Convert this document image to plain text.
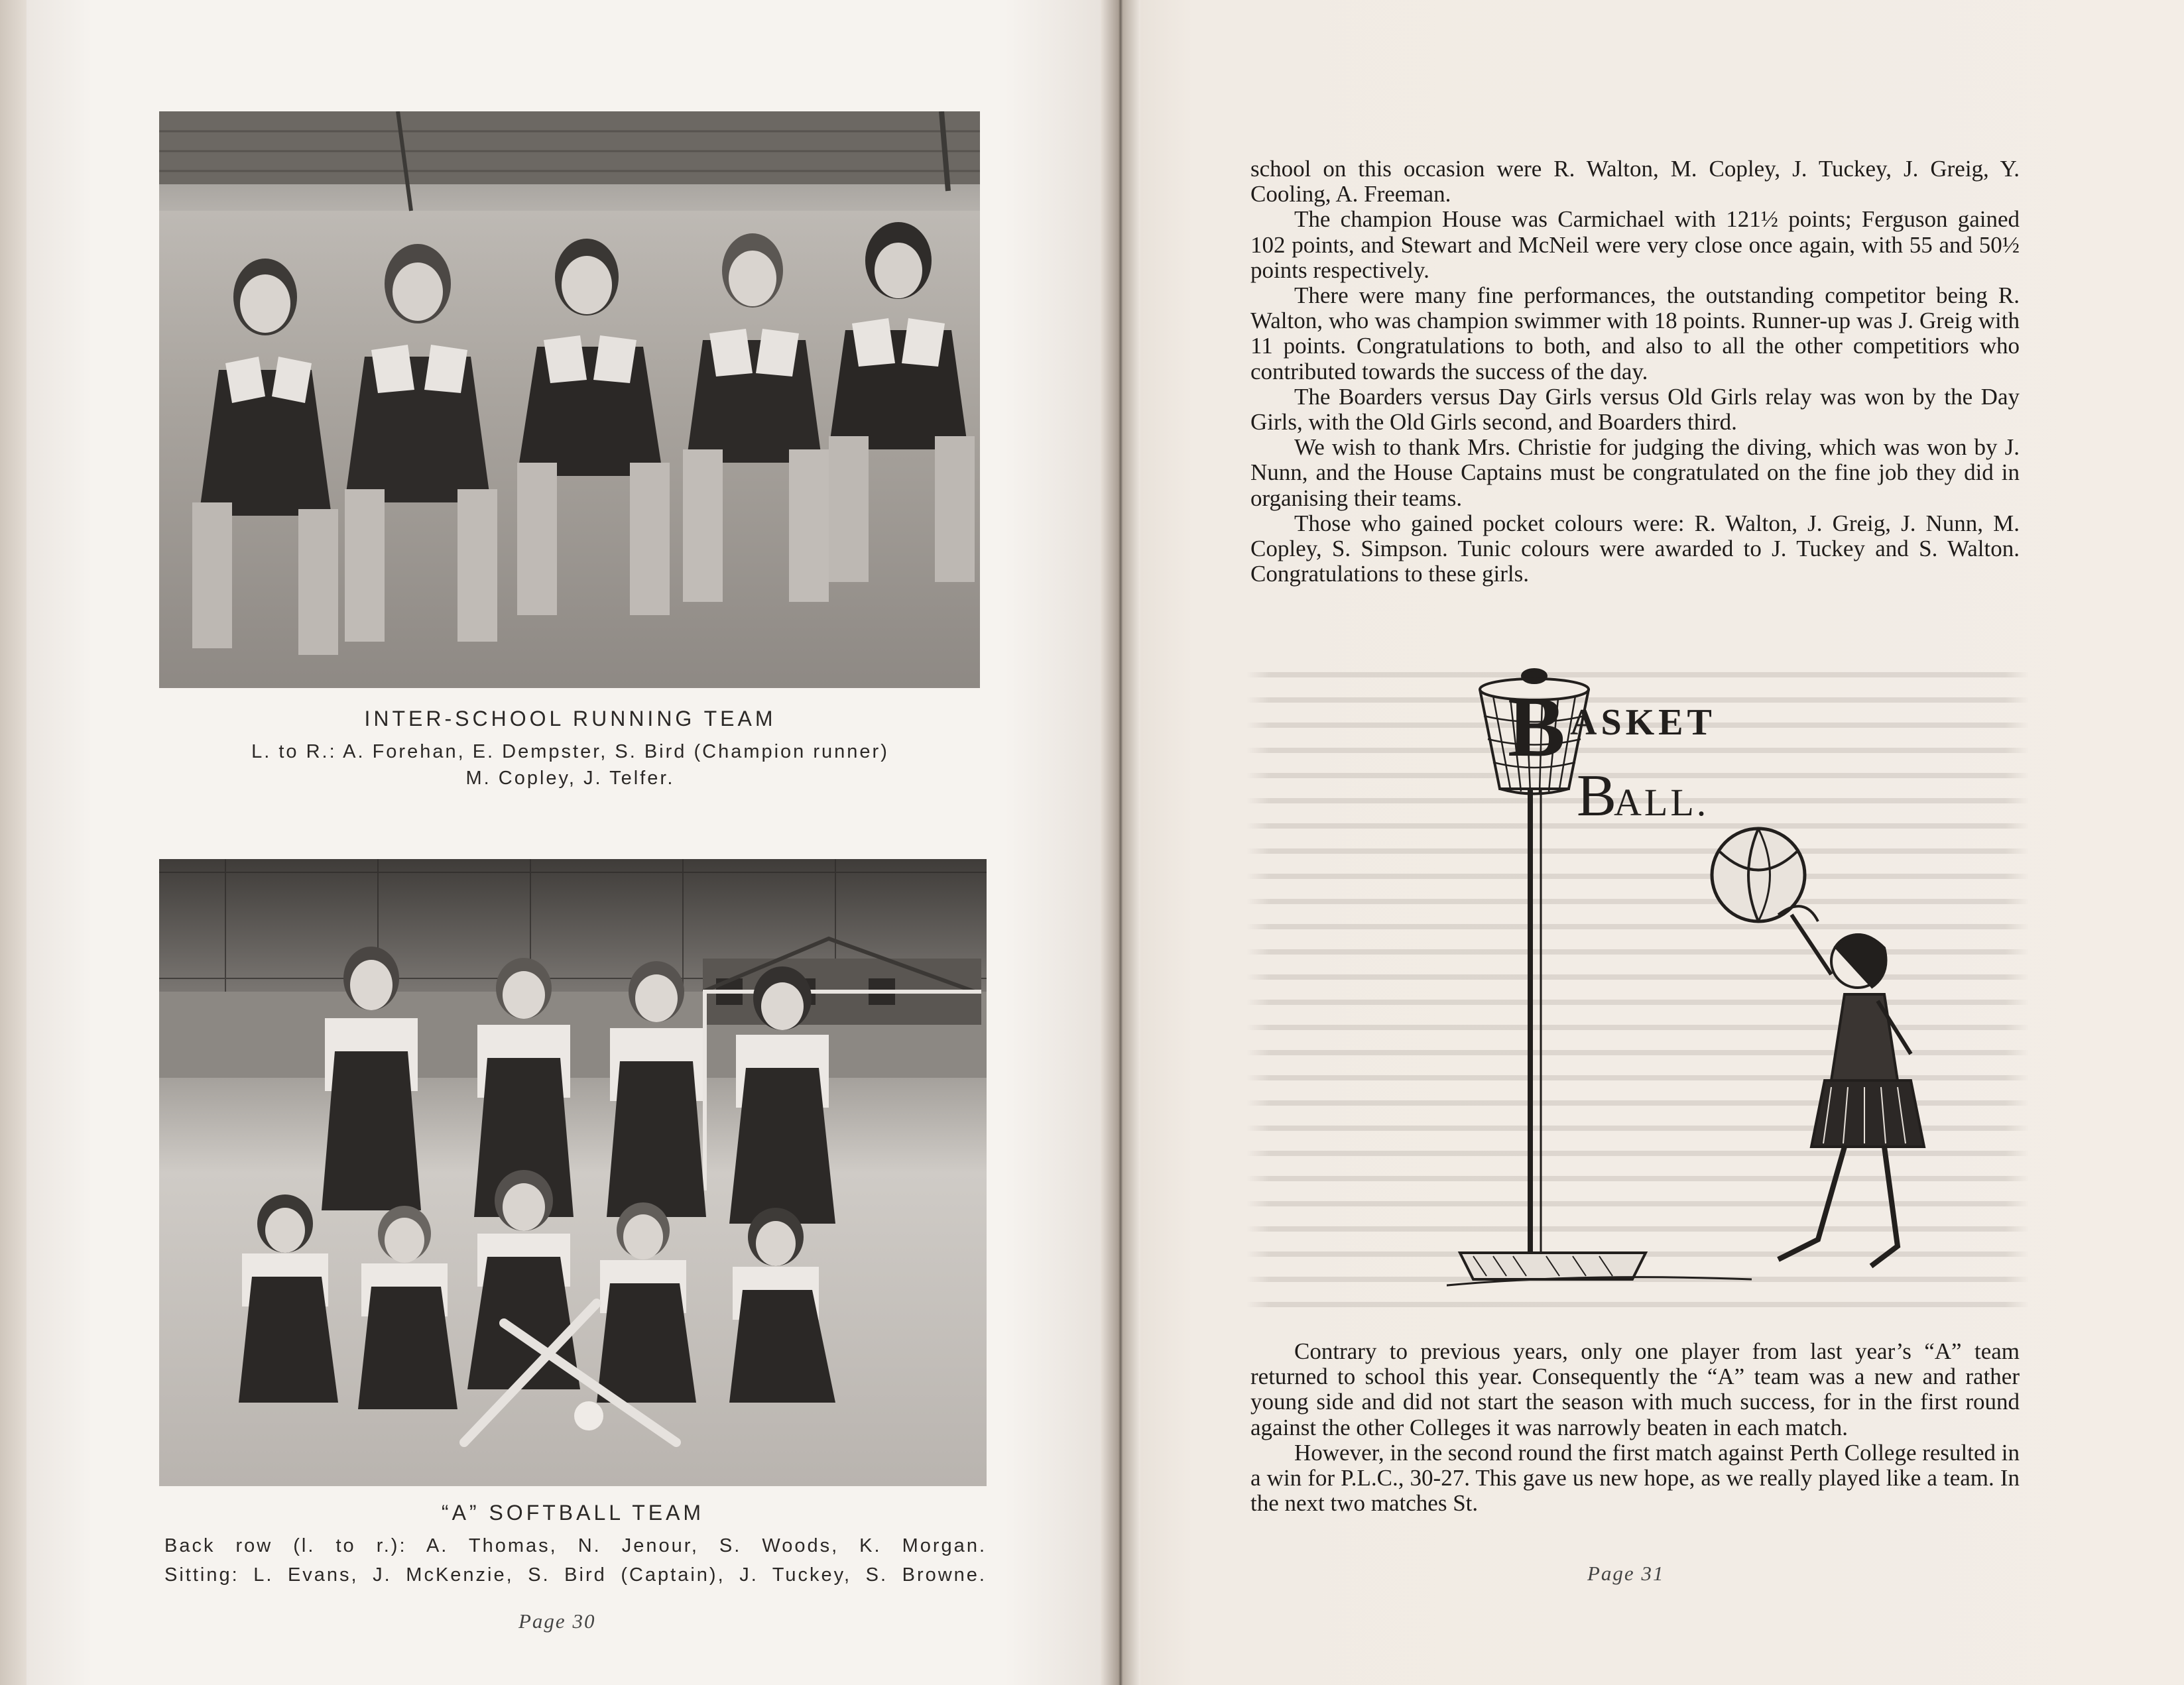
INTER-SCHOOL RUNNING TEAM
L. to R.: A. Forehan, E. Dempster, S. Bird (Champion runner)
M. Copley, J. Telfer.
“A” SOFTBALL TEAM
Back row (l. to r.): A. Thomas, N. Jenour, S. Woods, K. Morgan.
Sitting: L. Evans, J. McKenzie, S. Bird (Captain), J. Tuckey, S. Browne.
Page 30

school on this occasion were R. Walton, M. Copley, J. Tuckey, J. Greig, Y. Cooling, A. Freeman.

The champion House was Carmichael with 121½ points; Ferguson gained 102 points, and Stewart and McNeil were very close once again, with 55 and 50½ points respectively.

There were many fine performances, the outstanding competitor being R. Walton, who was champion swimmer with 18 points. Runner-up was J. Greig with 11 points. Congratulations to both, and also to all the other competitiors who contributed towards the success of the day.

The Boarders versus Day Girls versus Old Girls relay was won by the Day Girls, with the Old Girls second, and Boarders third.

We wish to thank Mrs. Christie for judging the diving, which was won by J. Nunn, and the House Captains must be congratulated on the fine job they did in organising their teams.

Those who gained pocket colours were: R. Walton, J. Greig, J. Nunn, M. Copley, S. Simpson. Tunic colours were awarded to J. Tuckey and S. Walton. Congratulations to these girls.

B ASKET
B
ALL.

Contrary to previous years, only one player from last year’s “A” team returned to school this year. Consequently the “A” team was a new and rather young side and did not start the season with much success, for in the first round against the other Colleges it was narrowly beaten in each match.

However, in the second round the first match against Perth College resulted in a win for P.L.C., 30-27. This gave us new hope, as we really played like a team. In the next two matches St.

Page 31
